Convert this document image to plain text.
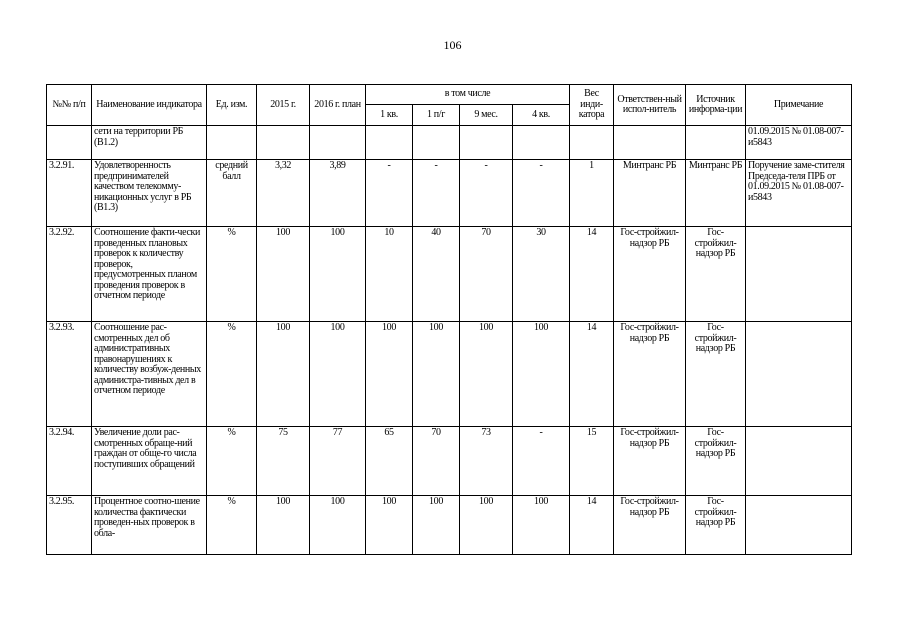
106
№№ п/п	Наименование индикатора	Ед. изм.	2015 г.	2016 г. план	в том числе				Вес инди-катора	Ответствен-ный испол-нитель	Источник информа-ции	Примечание
					1 кв.	1 п/г	9 мес.	4 кв.				
	сети на территории РБ (B1.2)											01.09.2015 № 01.08-007-и5843
3.2.91.	Удовлетворенность предпринимателей качеством телекомму-никационных услуг в РБ (B1.3)	средний балл	3,32	3,89	-	-	-	-	1	Минтранс РБ	Минтранс РБ	Поручение заме-стителя Председа-теля ПРБ от 01.09.2015 № 01.08-007-и5843
3.2.92.	Соотношение факти-чески проведенных плановых проверок к количеству проверок, предусмотренных планом проведения проверок в отчетном периоде	%	100	100	10	40	70	30	14	Гос-стройжил-надзор РБ	Гос-стройжил-надзор РБ	
3.2.93.	Соотношение рас-смотренных дел об административных правонарушениях к количеству возбуж-денных администра-тивных дел в отчетном периоде	%	100	100	100	100	100	100	14	Гос-стройжил-надзор РБ	Гос-стройжил-надзор РБ	
3.2.94.	Увеличение доли рас-смотренных обраще-ний граждан от обще-го числа поступивших обращений	%	75	77	65	70	73	-	15	Гос-стройжил-надзор РБ	Гос-стройжил-надзор РБ	
3.2.95.	Процентное соотно-шение количества фактически проведен-ных проверок в обла-	%	100	100	100	100	100	100	14	Гос-стройжил-надзор РБ	Гос-стройжил-надзор РБ	
